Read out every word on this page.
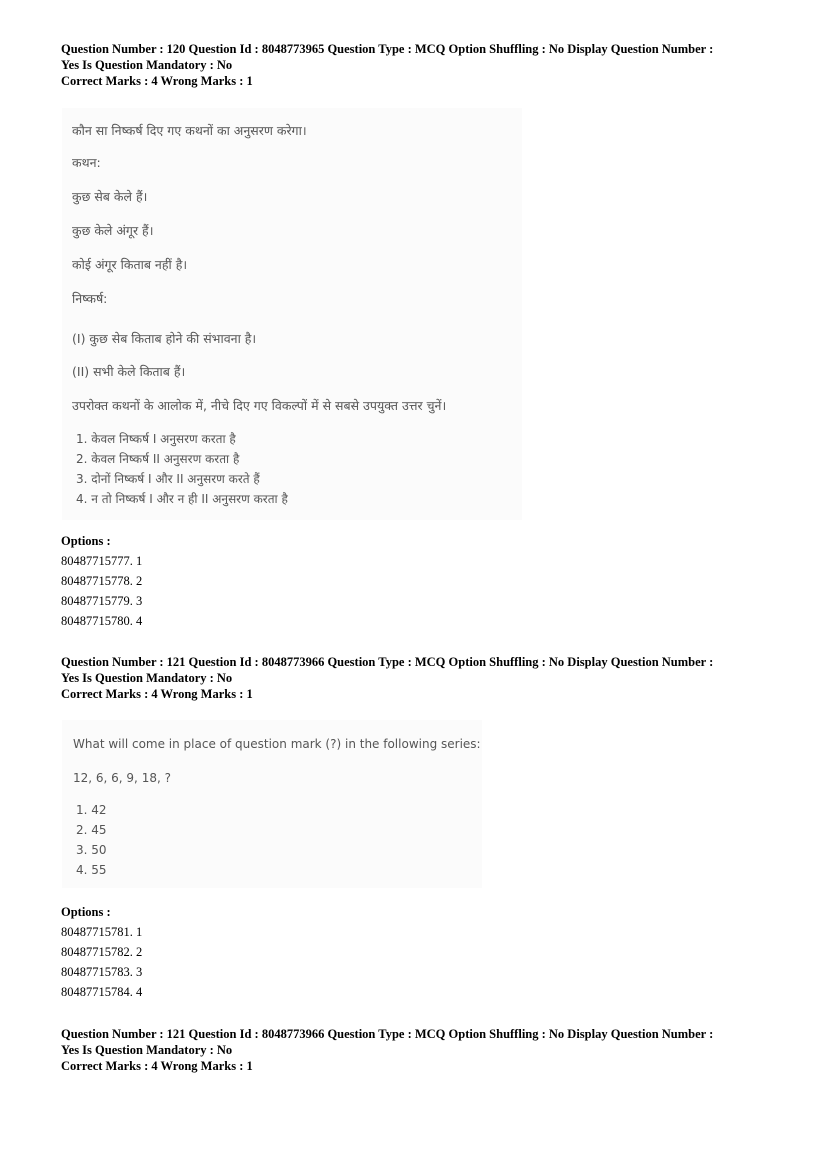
Question Number : 120 Question Id : 8048773965 Question Type : MCQ Option Shuffling : No Display Question Number :
Yes Is Question Mandatory : No
Correct Marks : 4 Wrong Marks : 1
कौन सा निष्कर्ष दिए गए कथनों का अनुसरण करेगा।
कथन:
कुछ सेब केले हैं।
कुछ केले अंगूर हैं।
कोई अंगूर किताब नहीं है।
निष्कर्ष:
(I) कुछ सेब किताब होने की संभावना है।
(II) सभी केले किताब हैं।
उपरोक्त कथनों के आलोक में, नीचे दिए गए विकल्पों में से सबसे उपयुक्त उत्तर चुनें।
1. केवल निष्कर्ष I अनुसरण करता है
2. केवल निष्कर्ष II अनुसरण करता है
3. दोनों निष्कर्ष I और II अनुसरण करते हैं
4. न तो निष्कर्ष I और न ही II अनुसरण करता है
Options :
80487715777. 1
80487715778. 2
80487715779. 3
80487715780. 4
Question Number : 121 Question Id : 8048773966 Question Type : MCQ Option Shuffling : No Display Question Number :
Yes Is Question Mandatory : No
Correct Marks : 4 Wrong Marks : 1
What will come in place of question mark (?) in the following series:
12, 6, 6, 9, 18, ?
1. 42
2. 45
3. 50
4. 55
Options :
80487715781. 1
80487715782. 2
80487715783. 3
80487715784. 4
Question Number : 121 Question Id : 8048773966 Question Type : MCQ Option Shuffling : No Display Question Number :
Yes Is Question Mandatory : No
Correct Marks : 4 Wrong Marks : 1
